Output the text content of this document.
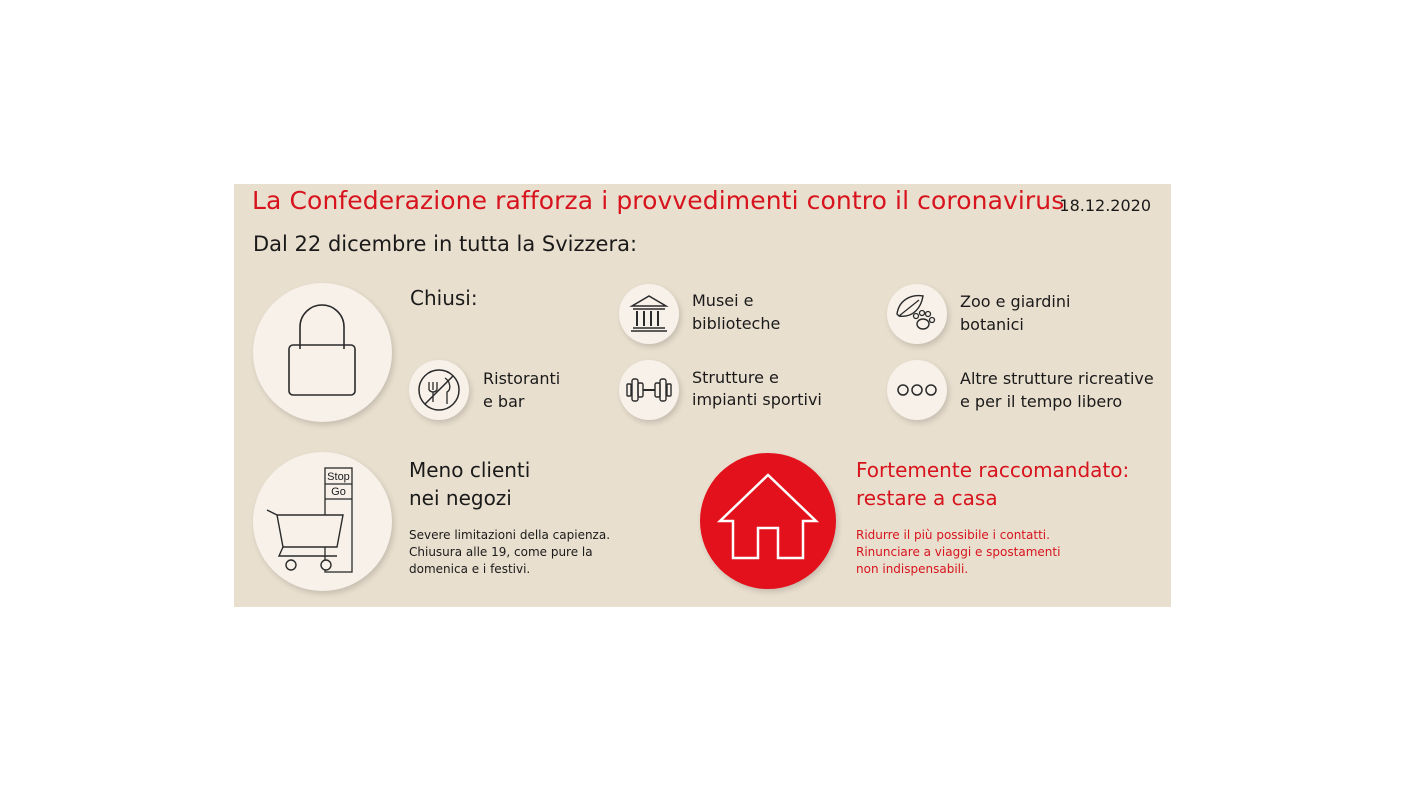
La Confederazione rafforza i provvedimenti contro il coronavirus
18.12.2020
Dal 22 dicembre in tutta la Svizzera:
Chiusi:	Musei e
biblioteche
Zoo e giardini
botanici
Ristoranti
e bar
Strutture e
impianti sportivi
Altre strutture ricreative
e per il tempo libero
Stop
Go
Meno clienti
nei negozi
Severe limitazioni della capienza.
Chiusura alle 19, come pure la
domenica e i festivi.
Fortemente raccomandato:
restare a casa
Ridurre il più possibile i contatti.
Rinunciare a viaggi e spostamenti
non indispensabili.
